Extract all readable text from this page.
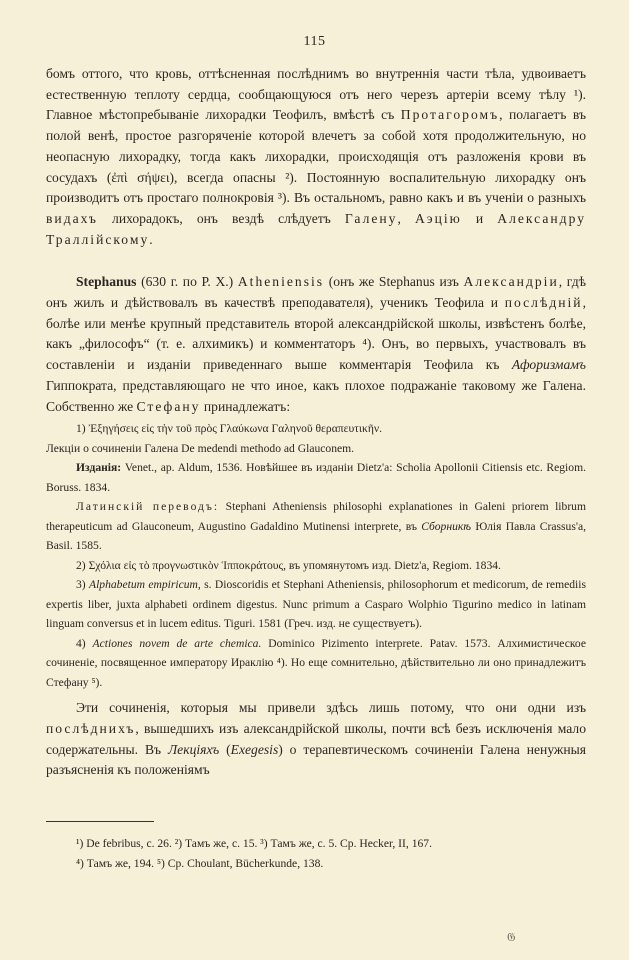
115

бомъ оттого, что кровь, оттѣсненная послѣднимъ во внутреннія части тѣла, удвоиваетъ естественную теплоту сердца, сообщающуюся отъ него черезъ артеріи всему тѣлу ¹). Главное мѣстопребываніе лихорадки Теофилъ, вмѣстѣ съ Протагоромъ, полагаетъ въ полой венѣ, простое разгоряченіе которой влечетъ за собой хотя продолжительную, но неопасную лихорадку, тогда какъ лихорадки, происходящія отъ разложенія крови въ сосудахъ (ἐπὶ σήψει), всегда опасны ²). Постоянную воспалительную лихорадку онъ производитъ отъ простаго полнокровія ³). Въ остальномъ, равно какъ и въ ученіи о разныхъ видахъ лихорадокъ, онъ вездѣ слѣдуетъ Галену, Аэцію и Александру Траллійскому.

Stephanus (630 г. по Р. Х.) Atheniensis (онъ же Stephanus изъ Александріи, гдѣ онъ жилъ и дѣйствовалъ въ качествѣ преподавателя), ученикъ Теофила и послѣдній, болѣе или менѣе крупный представитель второй александрійской школы, извѣстенъ болѣе, какъ „философъ“ (т. е. алхимикъ) и комментаторъ ⁴). Онъ, во первыхъ, участвовалъ въ составленіи и изданіи приведеннаго выше комментарія Теофила къ Афоризмамъ Гиппократа, представляющаго не что иное, какъ плохое подражаніе таковому же Галена. Собственно же Стефану принадлежатъ:

1) Ἐξηγήσεις εἰς τὴν τοῦ πρὸς Γλαύκωνα Γαληνοῦ θεραπευτικῆν.

Лекціи о сочиненіи Галена De medendi methodo ad Glauconem.

Изданія: Venet., ap. Aldum, 1536. Новѣйшее въ изданіи Dietz'a: Scholia Apollonii Citiensis etc. Regiom. Boruss. 1834.

Латинскій переводъ: Stephani Atheniensis philosophi explanationes in Galeni priorem librum therapeuticum ad Glauconeum, Augustino Gadaldino Mutinensi interprete, въ Сборникѣ Юлія Павла Crassus'a, Basil. 1585.

2) Σχόλια εἰς τὸ προγνωστικὸν Ἱπποκράτους, въ упомянутомъ изд. Dietz'a, Regiom. 1834.

3) Alphabetum empiricum, s. Dioscoridis et Stephani Atheniensis, philosophorum et medicorum, de remediis expertis liber, juxta alphabeti ordinem digestus. Nunc primum a Casparo Wolphio Tigurino medico in latinam linguam conversus et in lucem editus. Tiguri. 1581 (Греч. изд. не существуетъ).

4) Actiones novem de arte chemica. Dominico Pizimento interprete. Patav. 1573. Алхимистическое сочиненіе, посвященное императору Ираклію ⁴). Но еще сомнительно, дѣйствительно ли оно принадлежитъ Стефану ⁵).

Эти сочиненія, которыя мы привели здѣсь лишь потому, что они одни изъ послѣднихъ, вышедшихъ изъ александрійской школы, почти всѣ безъ исключенія мало содержательны. Въ Лекціяхъ (Exegesis) о терапевтическомъ сочиненіи Галена ненужныя разъясненія къ положеніямъ

¹) De febribus, c. 26. ²) Тамъ же, с. 15. ³) Тамъ же, с. 5. Ср. Hecker, II, 167.

⁴) Тамъ же, 194. ⁵) Ср. Choulant, Bücherkunde, 138.

𝔊
